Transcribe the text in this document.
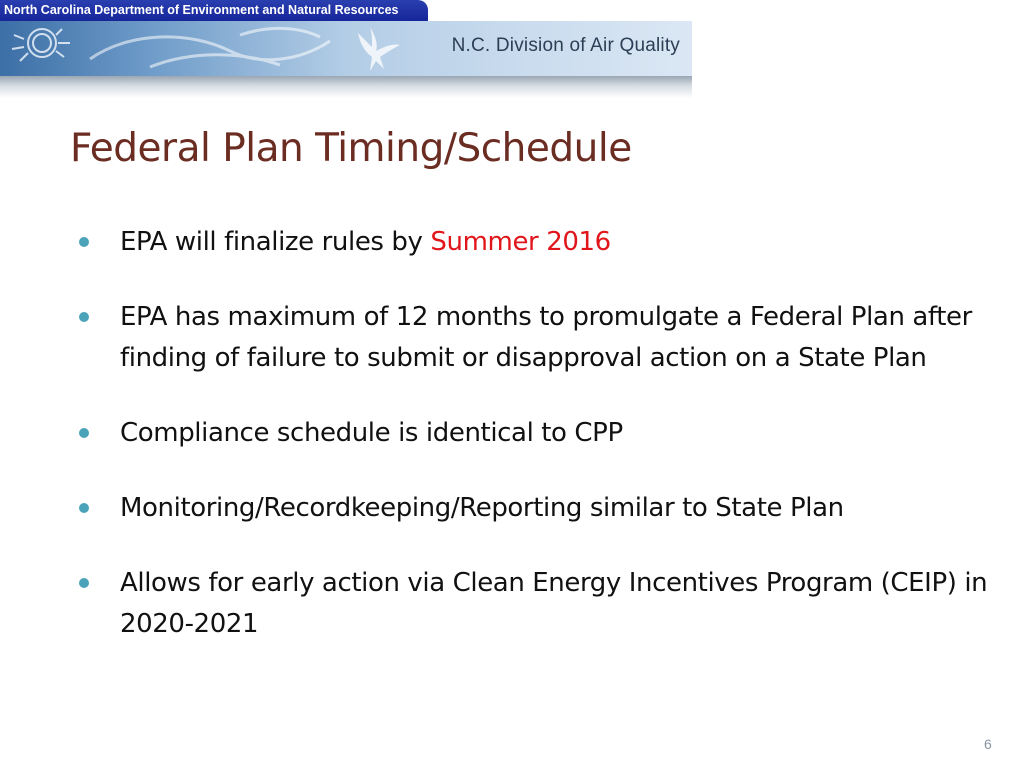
North Carolina Department of Environment and Natural Resources
N.C. Division of Air Quality
Federal Plan Timing/Schedule
EPA will finalize rules by Summer 2016
EPA has maximum of 12 months to promulgate a Federal Plan after finding of failure to submit or disapproval action on a State Plan
Compliance schedule is identical to CPP
Monitoring/Recordkeeping/Reporting similar to State Plan
Allows for early action via Clean Energy Incentives Program (CEIP) in 2020-2021
6
